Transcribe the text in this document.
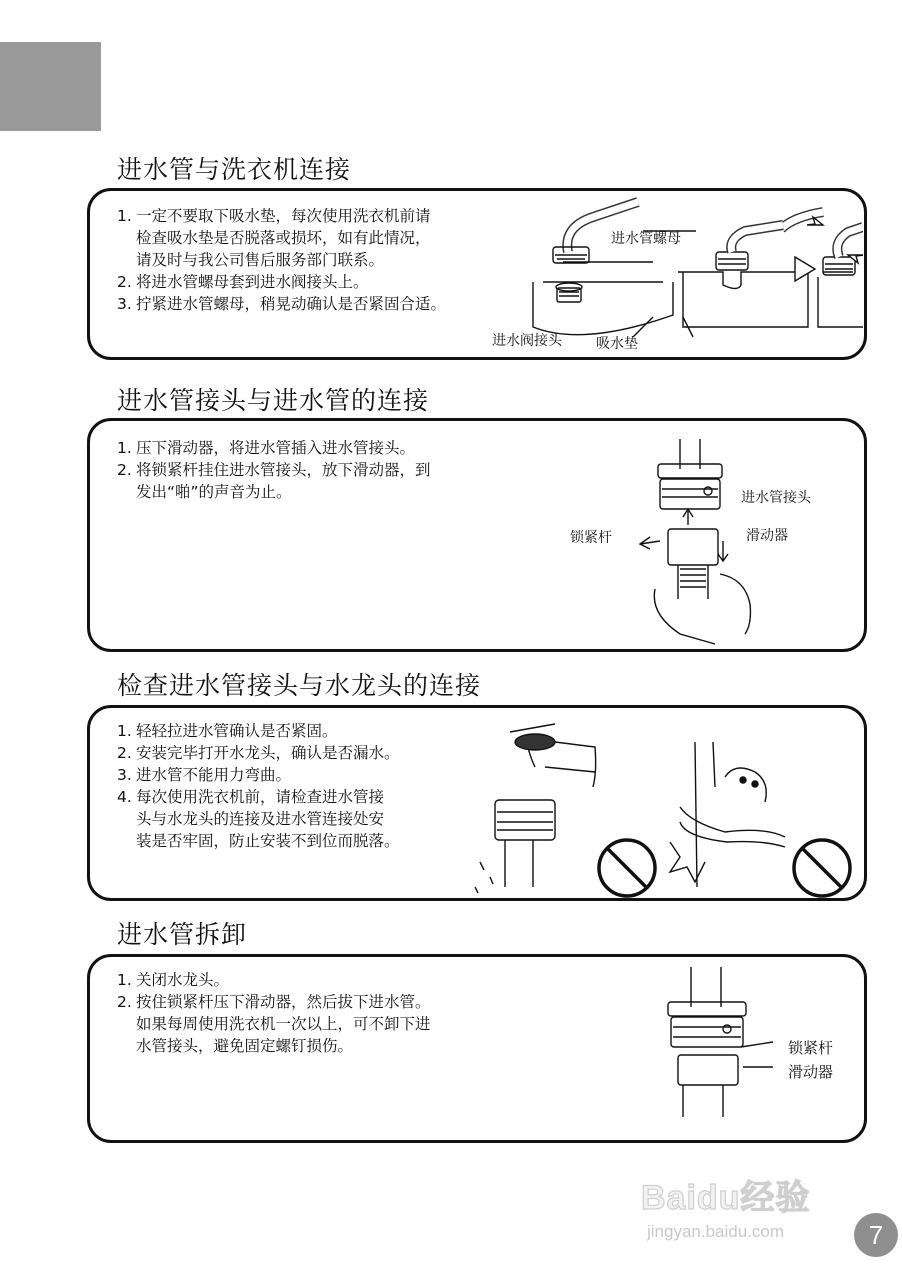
进水管与洗衣机连接
1. 一定不要取下吸水垫，每次使用洗衣机前请
检查吸水垫是否脱落或损坏，如有此情况，
请及时与我公司售后服务部门联系。
2. 将进水管螺母套到进水阀接头上。
3. 拧紧进水管螺母，稍晃动确认是否紧固合适。
进水管螺母
进水阀接头 吸水垫
进水管接头与进水管的连接
1. 压下滑动器，将进水管插入进水管接头。
2. 将锁紧杆挂住进水管接头，放下滑动器，到
发出“啪”的声音为止。	进水管接头
锁紧杆	滑动器
检查进水管接头与水龙头的连接
1. 轻轻拉进水管确认是否紧固。
2. 安装完毕打开水龙头，确认是否漏水。
3. 进水管不能用力弯曲。
4. 每次使用洗衣机前，请检查进水管接
头与水龙头的连接及进水管连接处安
装是否牢固，防止安装不到位而脱落。
进水管拆卸
1. 关闭水龙头。
2. 按住锁紧杆压下滑动器，然后拔下进水管。
如果每周使用洗衣机一次以上，可不卸下进
水管接头，避免固定螺钉损伤。	锁紧杆
滑动器
Baidu经验
jingyan.baidu.com	7
